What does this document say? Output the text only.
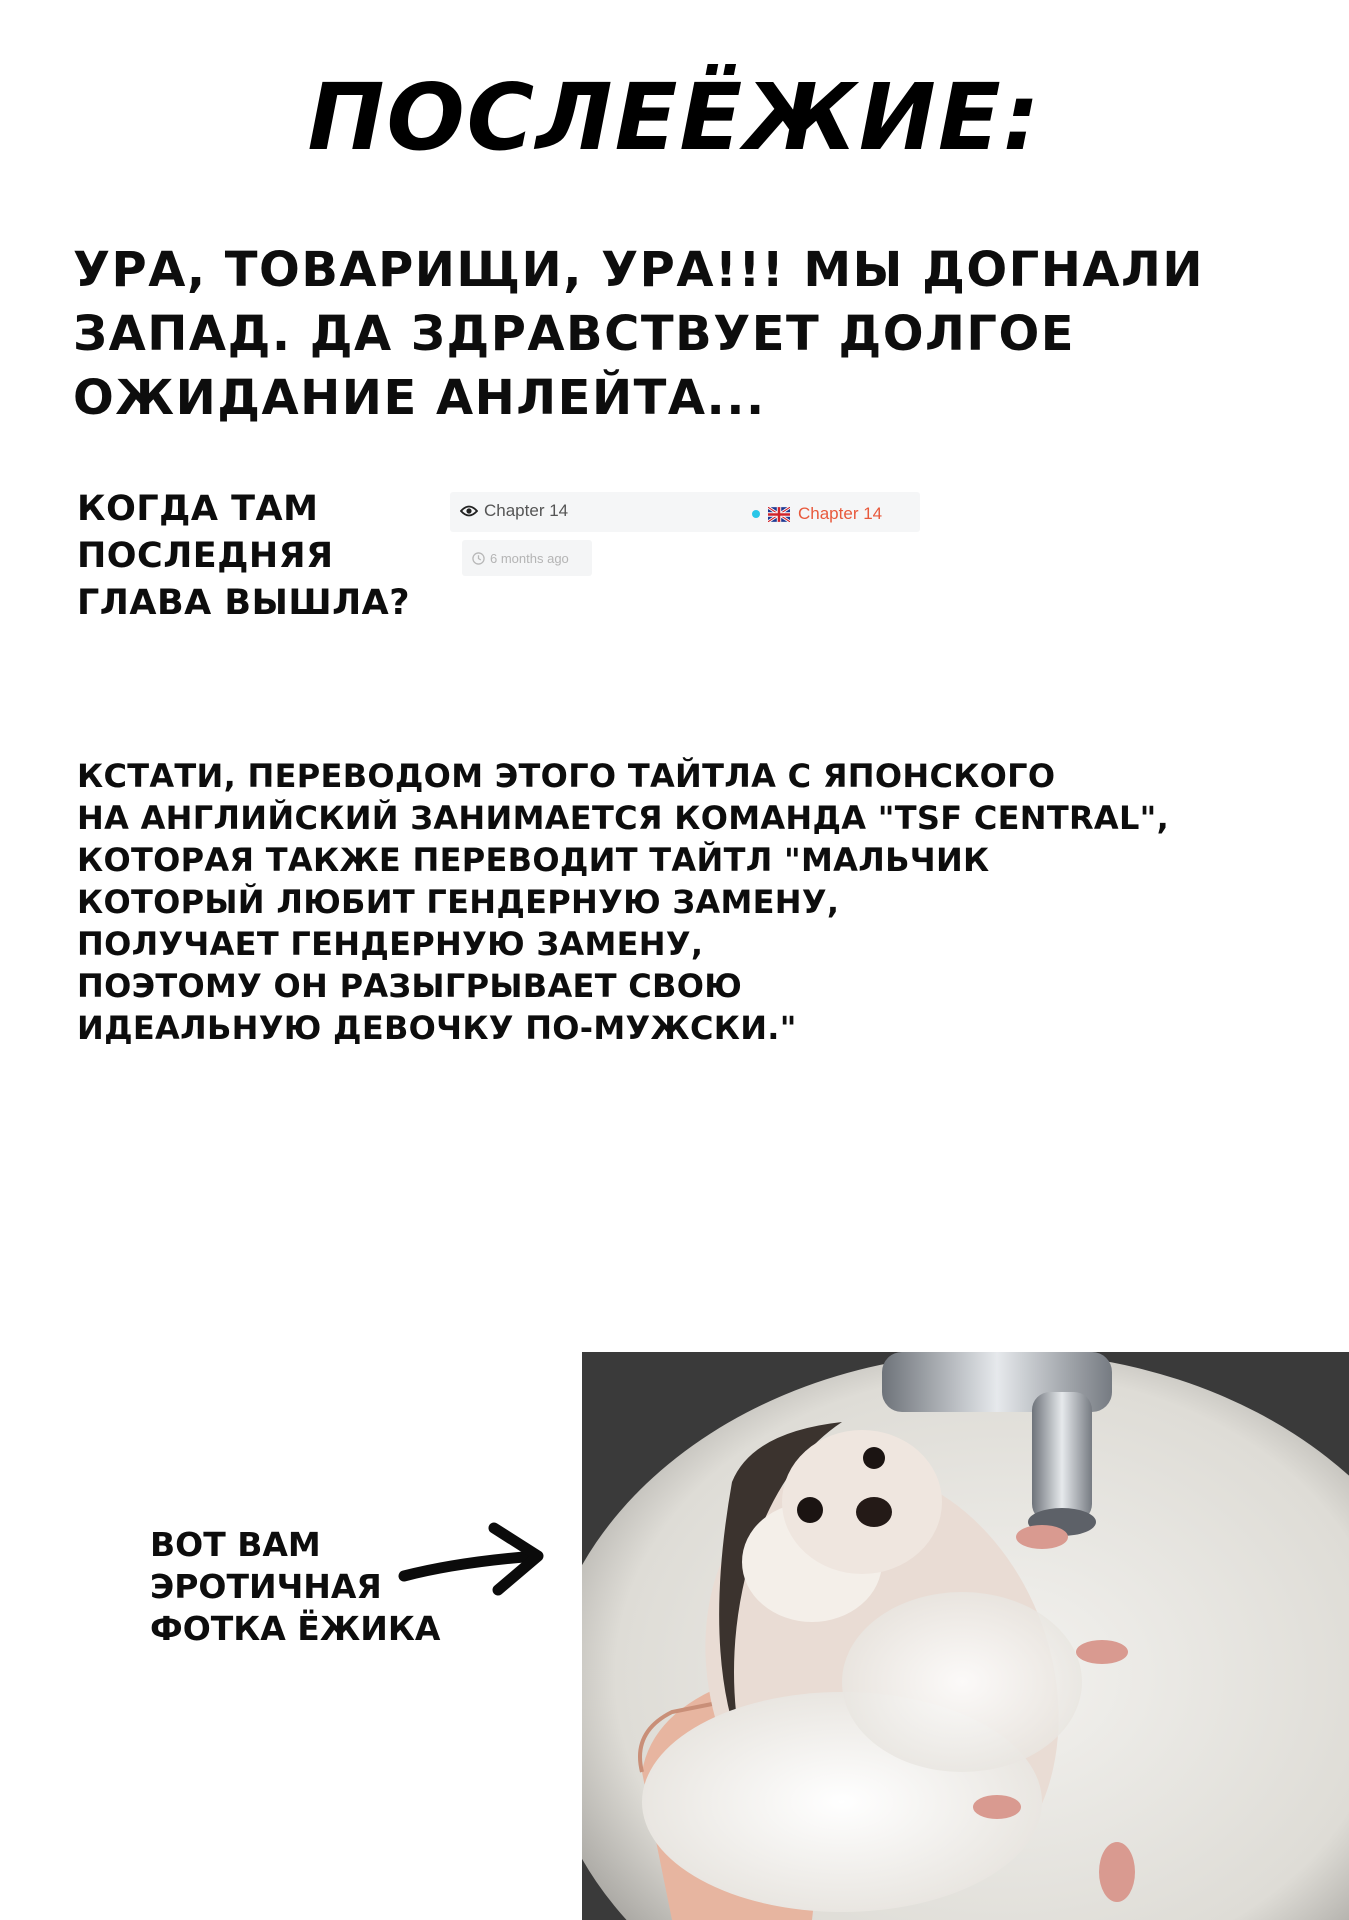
ПОСЛЕЁЖИЕ:
УРА, ТОВАРИЩИ, УРА!!! МЫ ДОГНАЛИ
ЗАПАД. ДА ЗДРАВСТВУЕТ ДОЛГОЕ
ОЖИДАНИЕ АНЛЕЙТА...
КОГДА ТАМ
ПОСЛЕДНЯЯ
ГЛАВА ВЫШЛА?
Chapter 14	Chapter 14
6 months ago
КСТАТИ, ПЕРЕВОДОМ ЭТОГО ТАЙТЛА С ЯПОНСКОГО
НА АНГЛИЙСКИЙ ЗАНИМАЕТСЯ КОМАНДА "TSF CENTRAL",
КОТОРАЯ ТАКЖЕ ПЕРЕВОДИТ ТАЙТЛ "МАЛЬЧИК
КОТОРЫЙ ЛЮБИТ ГЕНДЕРНУЮ ЗАМЕНУ,
ПОЛУЧАЕТ ГЕНДЕРНУЮ ЗАМЕНУ,
ПОЭТОМУ ОН РАЗЫГРЫВАЕТ СВОЮ
ИДЕАЛЬНУЮ ДЕВОЧКУ ПО-МУЖСКИ."
ВОТ ВАМ
ЭРОТИЧНАЯ
ФОТКА ЁЖИКА
